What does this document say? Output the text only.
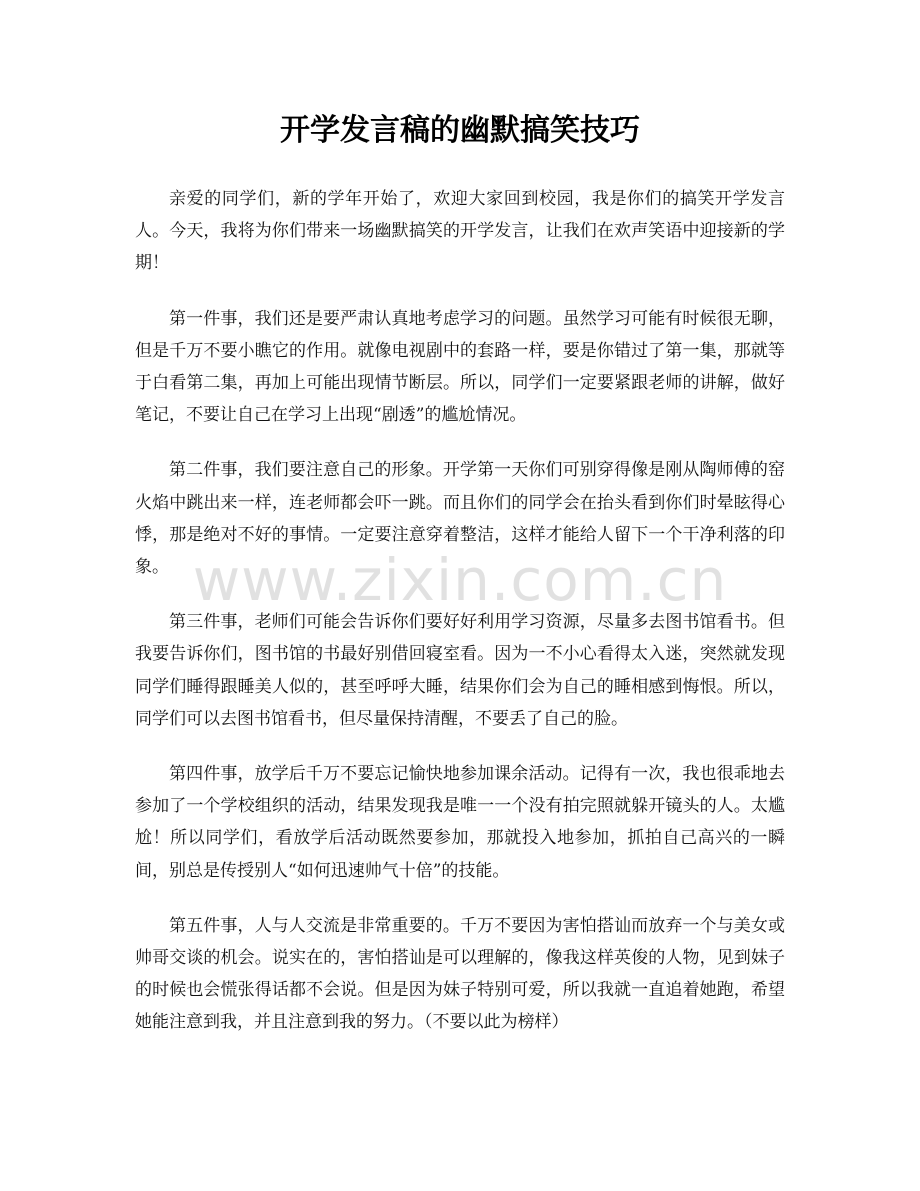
开学发言稿的幽默搞笑技巧

亲爱的同学们，新的学年开始了，欢迎大家回到校园，我是你们的搞笑开学发言人。今天，我将为你们带来一场幽默搞笑的开学发言，让我们在欢声笑语中迎接新的学期！

第一件事，我们还是要严肃认真地考虑学习的问题。虽然学习可能有时候很无聊，但是千万不要小瞧它的作用。就像电视剧中的套路一样，要是你错过了第一集，那就等于白看第二集，再加上可能出现情节断层。所以，同学们一定要紧跟老师的讲解，做好笔记，不要让自己在学习上出现“剧透”的尴尬情况。

第二件事，我们要注意自己的形象。开学第一天你们可别穿得像是刚从陶师傅的窑火焰中跳出来一样，连老师都会吓一跳。而且你们的同学会在抬头看到你们时晕眩得心悸，那是绝对不好的事情。一定要注意穿着整洁，这样才能给人留下一个干净利落的印象。

第三件事，老师们可能会告诉你们要好好利用学习资源，尽量多去图书馆看书。但我要告诉你们，图书馆的书最好别借回寝室看。因为一不小心看得太入迷，突然就发现同学们睡得跟睡美人似的，甚至呼呼大睡，结果你们会为自己的睡相感到悔恨。所以，同学们可以去图书馆看书，但尽量保持清醒，不要丢了自己的脸。

第四件事，放学后千万不要忘记愉快地参加课余活动。记得有一次，我也很乖地去参加了一个学校组织的活动，结果发现我是唯一一个没有拍完照就躲开镜头的人。太尴尬！所以同学们，看放学后活动既然要参加，那就投入地参加，抓拍自己高兴的一瞬间，别总是传授别人“如何迅速帅气十倍”的技能。

第五件事，人与人交流是非常重要的。千万不要因为害怕搭讪而放弃一个与美女或帅哥交谈的机会。说实在的，害怕搭讪是可以理解的，像我这样英俊的人物，见到妹子的时候也会慌张得话都不会说。但是因为妹子特别可爱，所以我就一直追着她跑，希望她能注意到我，并且注意到我的努力。（不要以此为榜样）

www.zixin.com.cn
